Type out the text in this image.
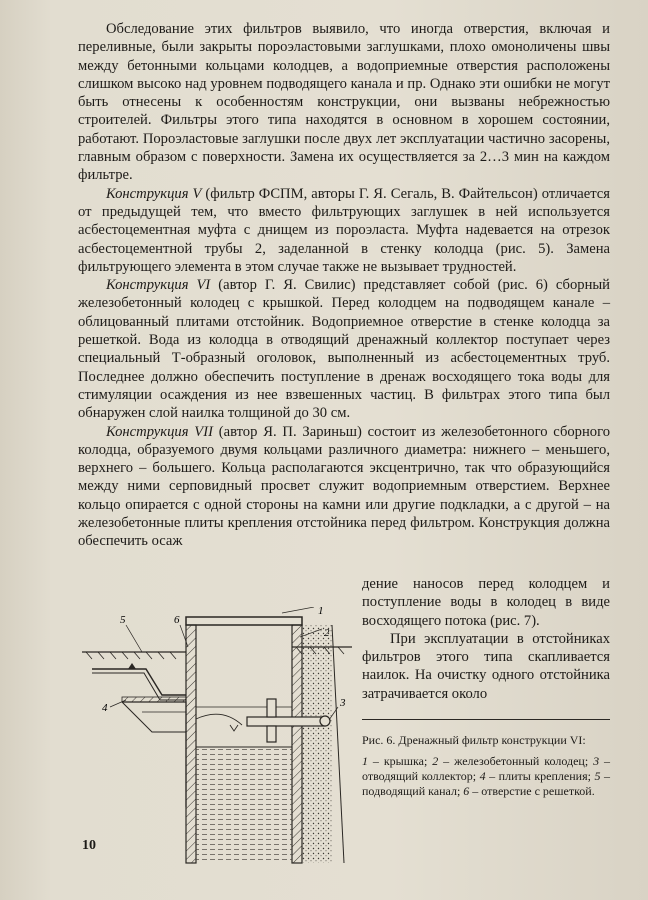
Обследование этих фильтров выявило, что иногда отверстия, включая и переливные, были закрыты пороэластовыми заглушками, плохо омоноличены швы между бетонными кольцами колодцев, а водоприемные отверстия расположены слишком высоко над уровнем подводящего канала и пр. Однако эти ошибки не могут быть отнесены к особенностям конструкции, они вызваны небрежностью строителей. Фильтры этого типа находятся в основном в хорошем состоянии, работают. Пороэластовые заглушки после двух лет эксплуатации частично засорены, главным образом с поверхности. Замена их осуществляется за 2…3 мин на каждом фильтре.

Конструкция V (фильтр ФСПМ, авторы Г. Я. Сегаль, В. Файтельсон) отличается от предыдущей тем, что вместо фильтрующих заглушек в ней используется асбестоцементная муфта с днищем из пороэласта. Муфта надевается на отрезок асбестоцементной трубы 2, заделанной в стенку колодца (рис. 5). Замена фильтрующего элемента в этом случае также не вызывает трудностей.

Конструкция VI (автор Г. Я. Свилис) представляет собой (рис. 6) сборный железобетонный колодец с крышкой. Перед колодцем на подводящем канале – облицованный плитами отстойник. Водоприемное отверстие в стенке колодца за решеткой. Вода из колодца в отводящий дренажный коллектор поступает через специальный Т-образный оголовок, выполненный из асбестоцементных труб. Последнее должно обеспечить поступление в дренаж восходящего тока воды для стимуляции осаждения из нее взвешенных частиц. В фильтрах этого типа был обнаружен слой наилка толщиной до 30 см.

Конструкция VII (автор Я. П. Зариньш) состоит из железобетонного сборного колодца, образуемого двумя кольцами различного диаметра: нижнего – меньшего, верхнего – большего. Кольца располагаются эксцентрично, так что образующийся между ними серповидный просвет служит водоприемным отверстием. Верхнее кольцо опирается с одной стороны на камни или другие подкладки, а с другой – на железобетонные плиты крепления отстойника перед фильтром. Конструкция должна обеспечить осаж

дение наносов перед колодцем и поступление воды в колодец в виде восходящего потока (рис. 7).

При эксплуатации в отстойниках фильтров этого типа скапливается наилок. На очистку одного отстойника затрачивается около

1
2
3
4
5	6
Рис. 6. Дренажный фильтр конструкции VI:
1 – крышка; 2 – железобетонный колодец; 3 – отводящий коллектор; 4 – плиты крепления; 5 – подводящий канал; 6 – отверстие с решеткой.
10
